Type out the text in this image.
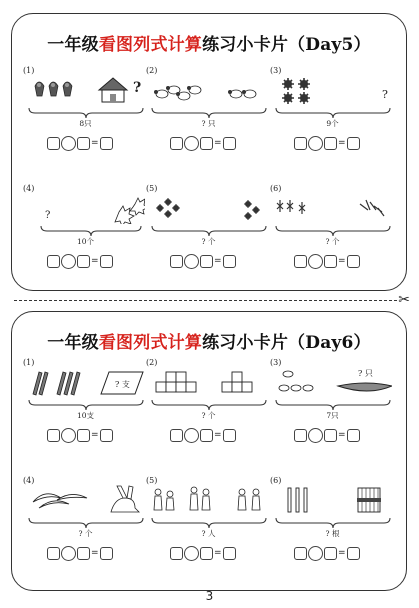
一年级看图列式计算练习小卡片（Day5）
(1)
?
8只
=
(2)
? 只
=
(3)
?
9个
=
(4)
?
10个
=
(5)
? 个
=
(6)
? 个
=
✂
一年级看图列式计算练习小卡片（Day6）
(1)
? 支
10支
=
(2)
? 个
=
(3)
? 只
7只
=
(4)
? 个
=
(5)
? 人
=
(6)
? 根
=
3
